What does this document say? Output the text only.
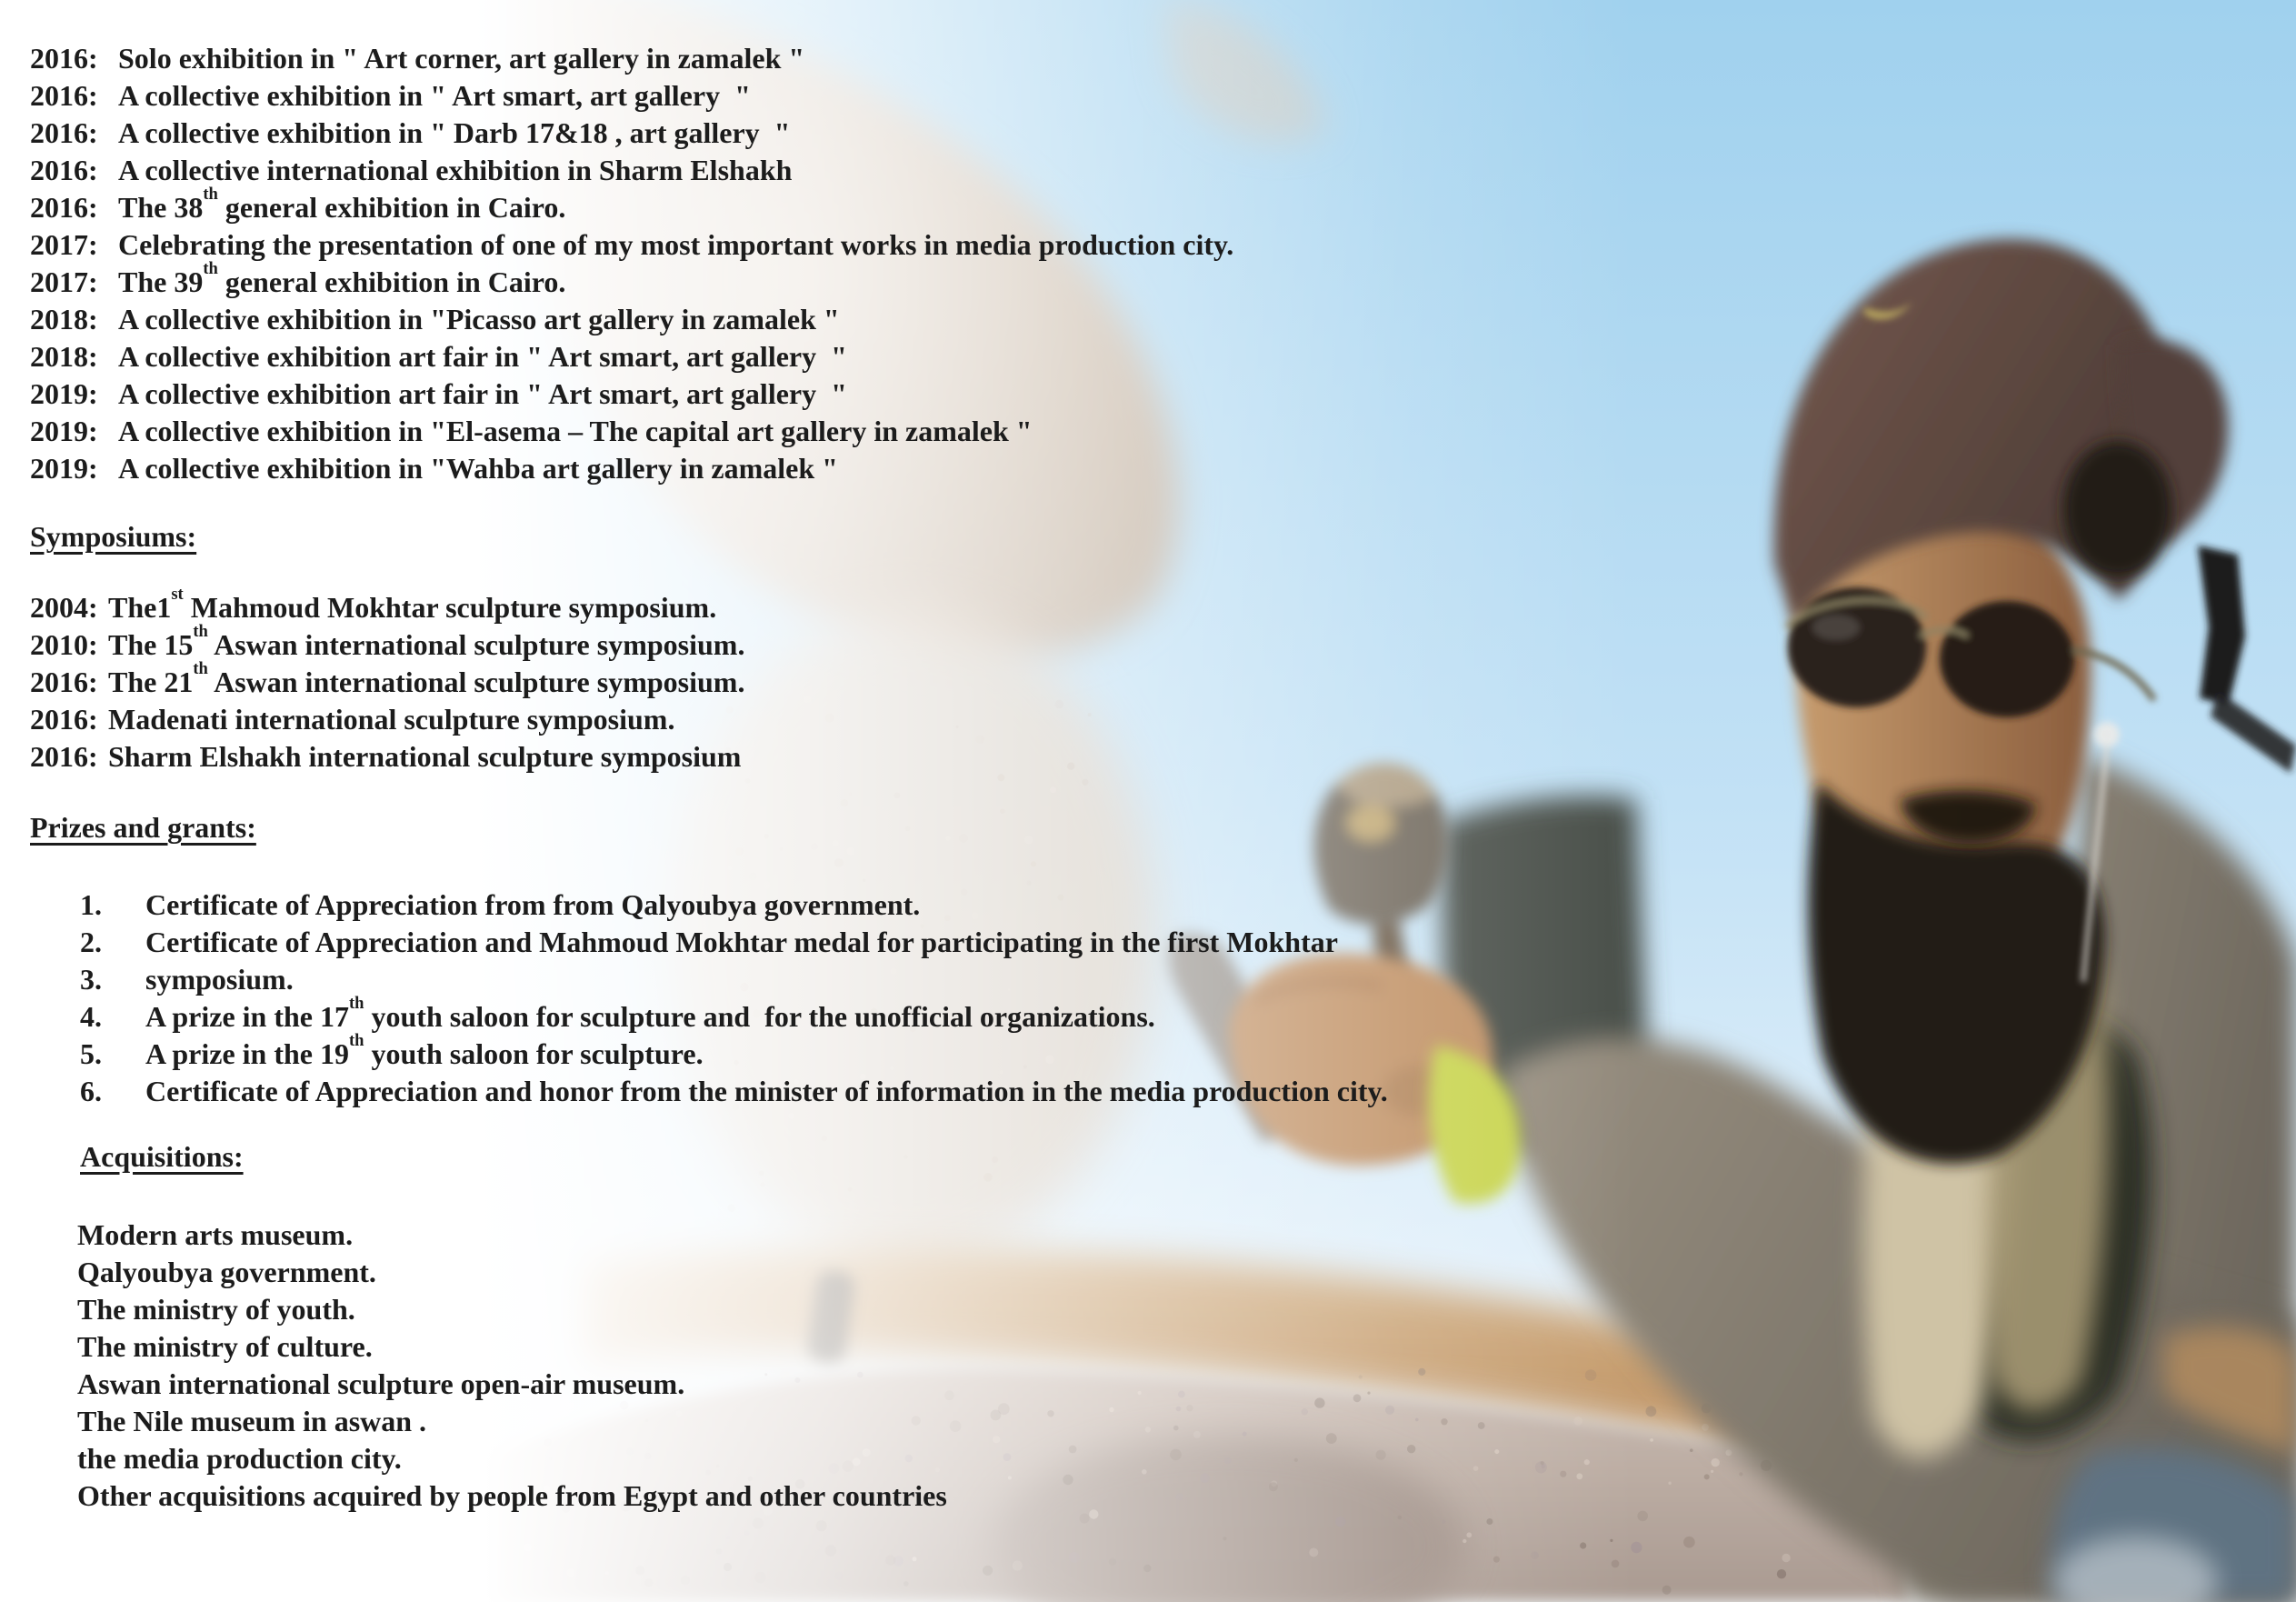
2016: Solo exhibition in " Art corner, art gallery in zamalek "
2016: A collective exhibition in " Art smart, art gallery  "
2016: A collective exhibition in " Darb 17&18 , art gallery  "
2016: A collective international exhibition in Sharm Elshakh
2016: The 38th general exhibition in Cairo.
2017: Celebrating the presentation of one of my most important works in media production city.
2017: The 39th general exhibition in Cairo.
2018: A collective exhibition in "Picasso art gallery in zamalek "
2018: A collective exhibition art fair in " Art smart, art gallery  "
2019: A collective exhibition art fair in " Art smart, art gallery  "
2019: A collective exhibition in "El-asema – The capital art gallery in zamalek "
2019: A collective exhibition in "Wahba art gallery in zamalek "
Symposiums:
2004: The1st Mahmoud Mokhtar sculpture symposium.
2010: The 15th Aswan international sculpture symposium.
2016: The 21th Aswan international sculpture symposium.
2016: Madenati international sculpture symposium.
2016: Sharm Elshakh international sculpture symposium
Prizes and grants:
1. Certificate of Appreciation from from Qalyoubya government.
2. Certificate of Appreciation and Mahmoud Mokhtar medal for participating in the first Mokhtar
3. symposium.
4. A prize in the 17th youth saloon for sculpture and  for the unofficial organizations.
5. A prize in the 19th youth saloon for sculpture.
6. Certificate of Appreciation and honor from the minister of information in the media production city.
Acquisitions:
Modern arts museum.
Qalyoubya government.
The ministry of youth.
The ministry of culture.
Aswan international sculpture open-air museum.
The Nile museum in aswan .
the media production city.
Other acquisitions acquired by people from Egypt and other countries
